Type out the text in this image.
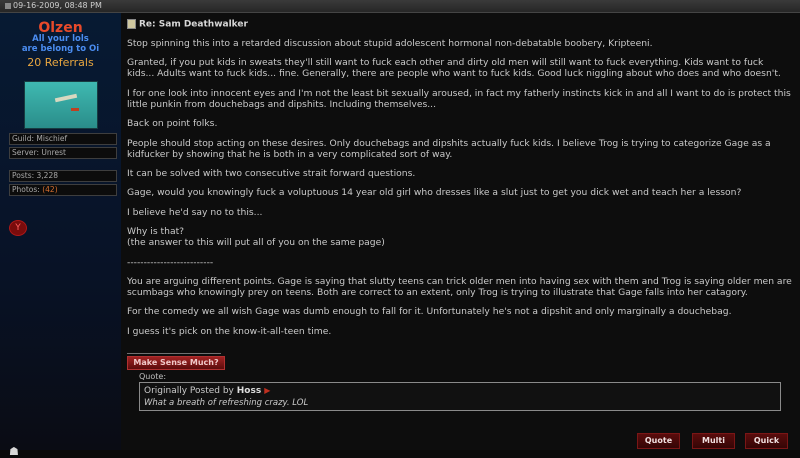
09-16-2009, 08:48 PM
Olzen
All your lols
are belong to Oi
20 Referrals
Guild: Mischief
Server: Unrest
Posts: 3,228
Photos: (42)
Y
☗
Re: Sam Deathwalker

Stop spinning this into a retarded discussion about stupid adolescent hormonal non-debatable boobery, Kripteeni.

Granted, if you put kids in sweats they'll still want to fuck each other and dirty old men will still want to fuck everything. Kids want to fuck kids... Adults want to fuck kids... fine. Generally, there are people who want to fuck kids. Good luck niggling about who does and who doesn't.

I for one look into innocent eyes and I'm not the least bit sexually aroused, in fact my fatherly instincts kick in and all I want to do is protect this little punkin from douchebags and dipshits. Including themselves...

Back on point folks.

People should stop acting on these desires. Only douchebags and dipshits actually fuck kids. I believe Trog is trying to categorize Gage as a kidfucker by showing that he is both in a very complicated sort of way.

It can be solved with two consecutive strait forward questions.

Gage, would you knowingly fuck a voluptuous 14 year old girl who dresses like a slut just to get you dick wet and teach her a lesson?

I believe he'd say no to this...

Why is that?

(the answer to this will put all of you on the same page)

--------------------------

You are arguing different points. Gage is saying that slutty teens can trick older men into having sex with them and Trog is saying older men are scumbags who knowingly prey on teens. Both are correct to an extent, only Trog is trying to illustrate that Gage falls into her catagory.

For the comedy we all wish Gage was dumb enough to fall for it. Unfortunately he's not a dipshit and only marginally a douchebag.

I guess it's pick on the know-it-all-teen time.

Make Sense Much?
Quote:
Originally Posted by Hoss ▶
What a breath of refreshing crazy. LOL
Quote	Multi	Quick
